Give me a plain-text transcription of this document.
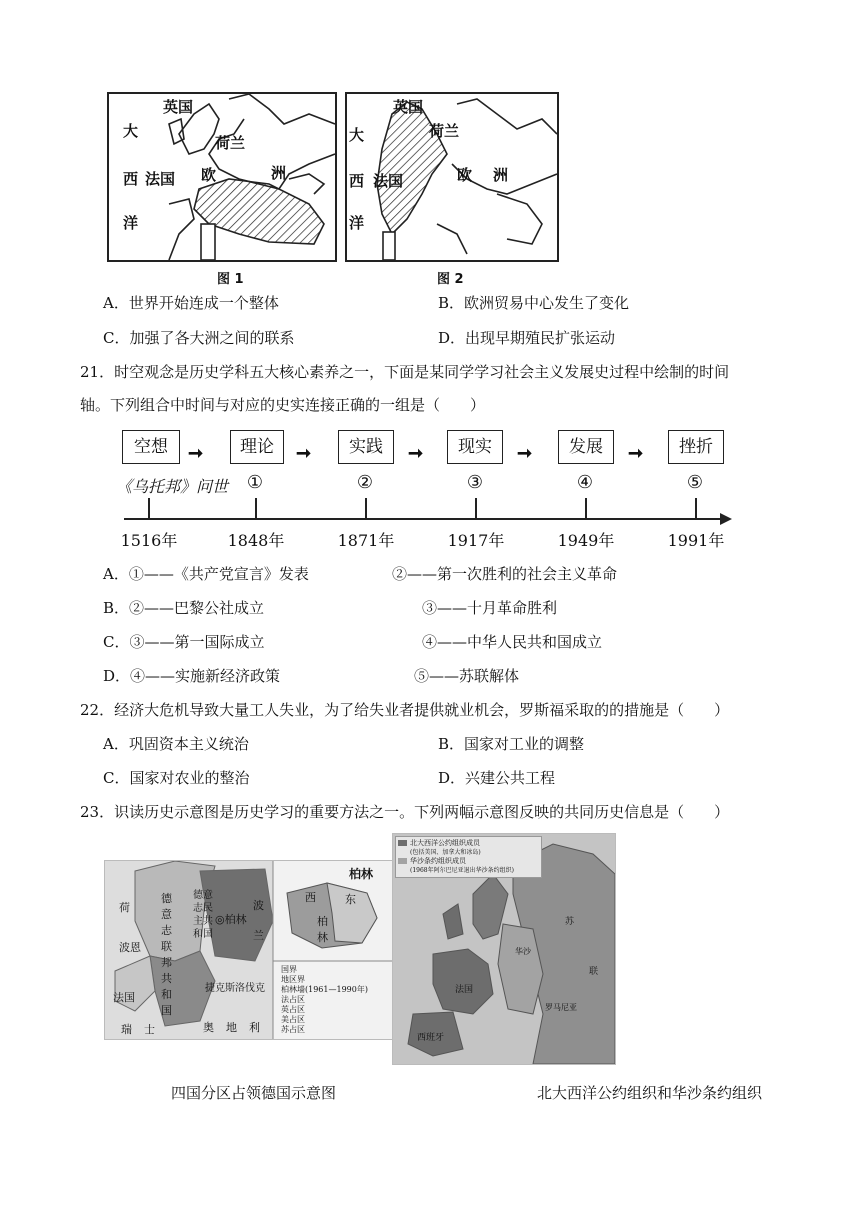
英国
荷兰
大
西 法国 欧	洲
洋
图 1
英国
荷兰
大
西 法国	欧 洲
洋
图 2
A．世界开始连成一个整体	B．欧洲贸易中心发生了变化
C．加强了各大洲之间的联系	D．出现早期殖民扩张运动
21．时空观念是历史学科五大核心素养之一，下面是某同学学习社会主义发展史过程中绘制的时间
轴。下列组合中时间与对应的史实连接正确的一组是（　　）
空想	➞	理论	➞	实践	➞	现实	➞	发展	➞	挫折
《乌托邦》问世	①	②	③	④	⑤
1516年	1848年	1871年	1917年	1949年	1991年
A．①——《共产党宣言》发表	②——第一次胜利的社会主义革命
B．②——巴黎公社成立	③——十月革命胜利
C．③——第一国际成立	④——中华人民共和国成立
D．④——实施新经济政策	⑤——苏联解体
22．经济大危机导致大量工人失业，为了给失业者提供就业机会，罗斯福采取的的措施是（　　）
A．巩固资本主义统治	B．国家对工业的调整
C．国家对农业的整治	D．兴建公共工程
23．识读历史示意图是历史学习的重要方法之一。下列两幅示意图反映的共同历史信息是（　　）
荷
波恩
法国
德意志联邦共和国
德意志民主共和国
◎柏林
波兰
捷克斯洛伐克
奥地利
瑞士
柏林
西	东
柏
林
国界
地区界
柏林墙(1961—1990年)
法占区
英占区
美占区
苏占区
北大西洋公约组织成员
(包括美国、加拿大和冰岛)
华沙条约组织成员
(1968年阿尔巴尼亚退出华沙条约组织)
法国
西班牙
华沙
罗马尼亚
苏
联
四国分区占领德国示意图	北大西洋公约组织和华沙条约组织
